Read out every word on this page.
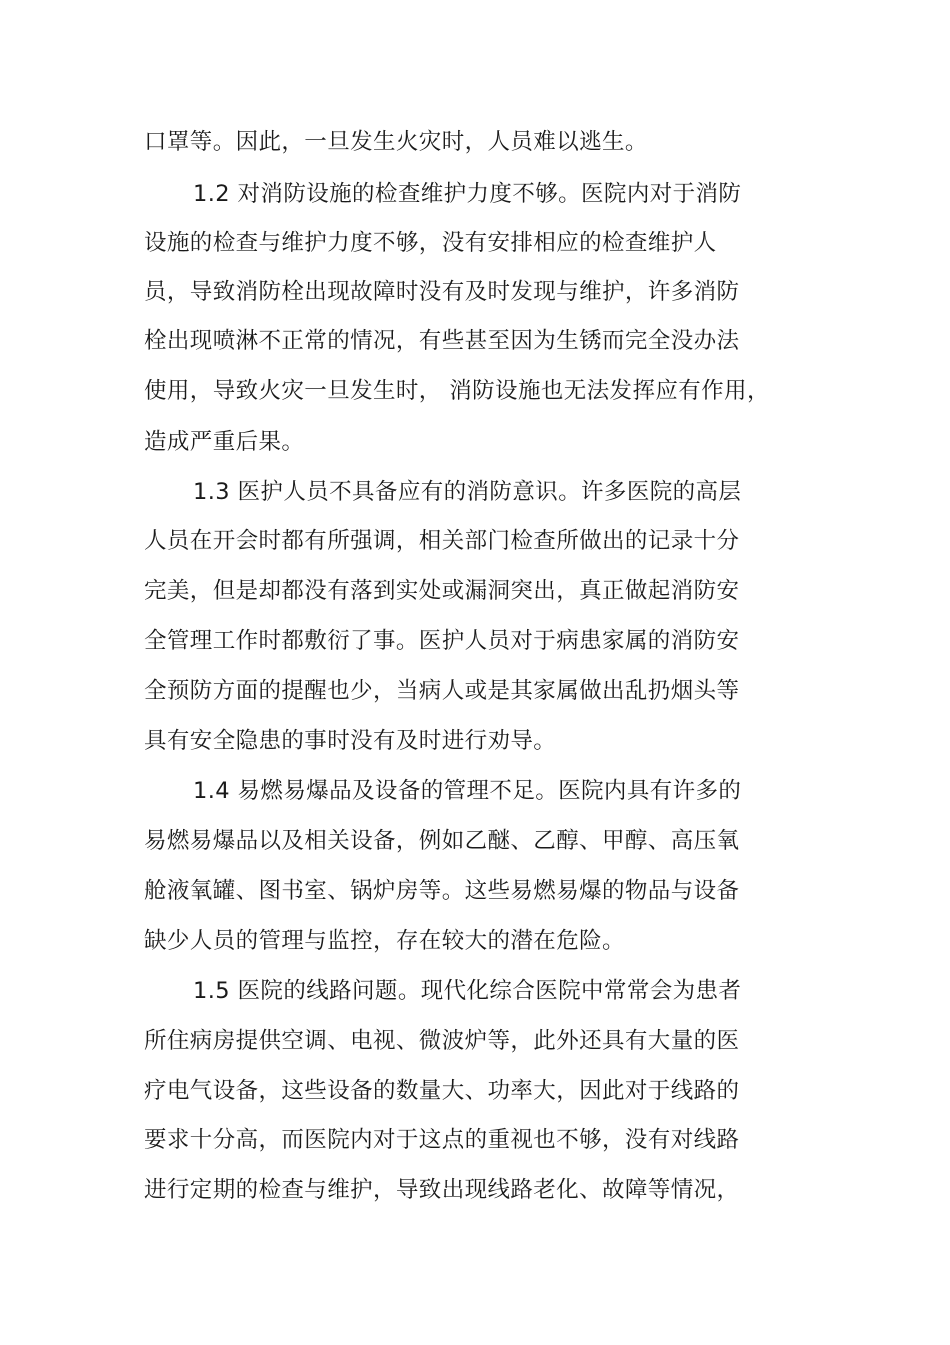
口罩等。因此，一旦发生火灾时，人员难以逃生。
1.2 对消防设施的检查维护力度不够。医院内对于消防
设施的检查与维护力度不够，没有安排相应的检查维护人
员，导致消防栓出现故障时没有及时发现与维护，许多消防
栓出现喷淋不正常的情况，有些甚至因为生锈而完全没办法
使用，导致火灾一旦发生时， 消防设施也无法发挥应有作用，
造成严重后果。
1.3 医护人员不具备应有的消防意识。许多医院的高层
人员在开会时都有所强调，相关部门检查所做出的记录十分
完美，但是却都没有落到实处或漏洞突出，真正做起消防安
全管理工作时都敷衍了事。医护人员对于病患家属的消防安
全预防方面的提醒也少，当病人或是其家属做出乱扔烟头等
具有安全隐患的事时没有及时进行劝导。
1.4 易燃易爆品及设备的管理不足。医院内具有许多的
易燃易爆品以及相关设备，例如乙醚、乙醇、甲醇、高压氧
舱液氧罐、图书室、锅炉房等。这些易燃易爆的物品与设备
缺少人员的管理与监控，存在较大的潜在危险。
1.5 医院的线路问题。现代化综合医院中常常会为患者
所住病房提供空调、电视、微波炉等，此外还具有大量的医
疗电气设备，这些设备的数量大、功率大，因此对于线路的
要求十分高，而医院内对于这点的重视也不够，没有对线路
进行定期的检查与维护，导致出现线路老化、故障等情况，
